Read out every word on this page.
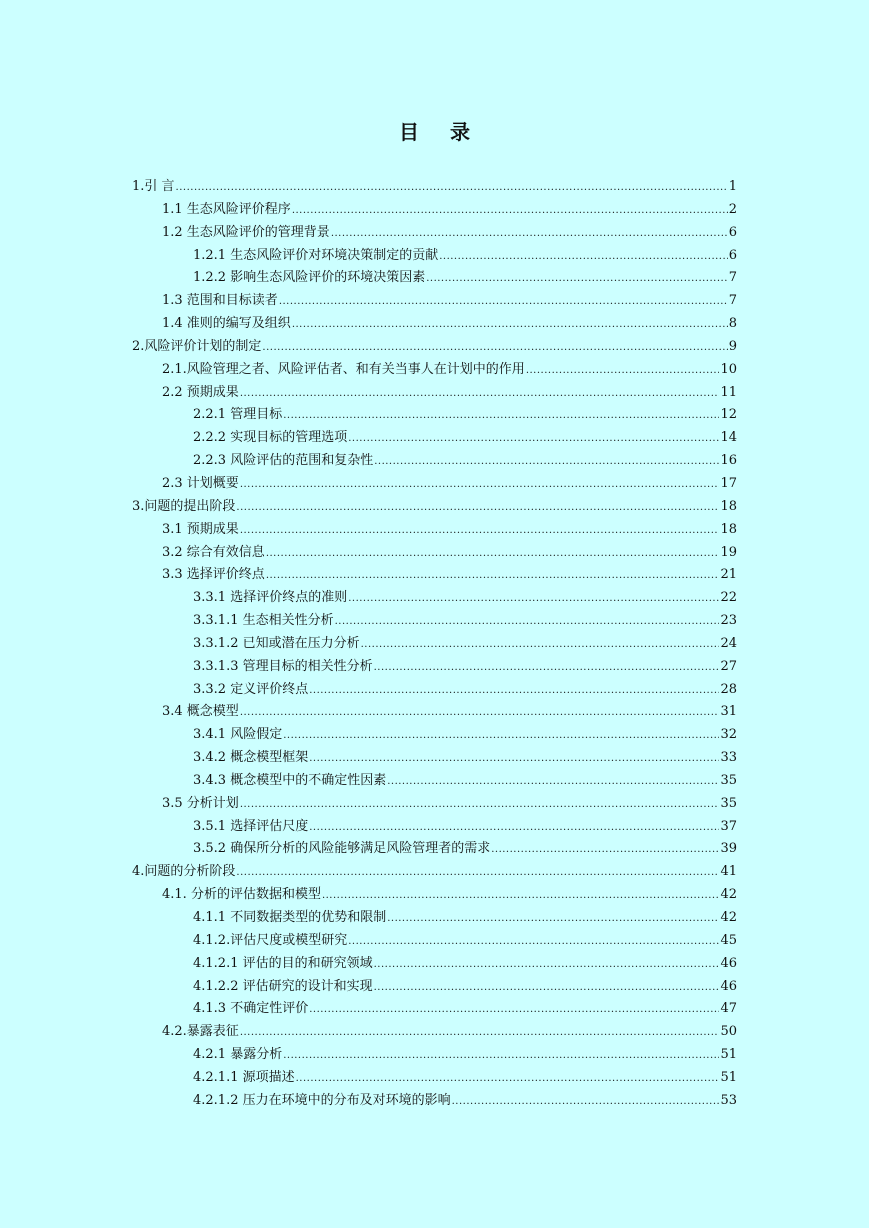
目 录
1.引 言 .....	1
1.1 生态风险评价程序 .....	2
1.2 生态风险评价的管理背景 .....	6
1.2.1 生态风险评价对环境决策制定的贡献 .....	6
1.2.2 影响生态风险评价的环境决策因素 .....	7
1.3 范围和目标读者 .....	7
1.4 准则的编写及组织 .....	8
2.风险评价计划的制定 .....	9
2.1.风险管理之者、风险评估者、和有关当事人在计划中的作用 .....	10
2.2 预期成果 .....	11
2.2.1 管理目标 .....	12
2.2.2 实现目标的管理选项 .....	14
2.2.3 风险评估的范围和复杂性 .....	16
2.3 计划概要 .....	17
3.问题的提出阶段 .....	18
3.1 预期成果 .....	18
3.2 综合有效信息 .....	19
3.3 选择评价终点 .....	21
3.3.1 选择评价终点的准则 .....	22
3.3.1.1 生态相关性分析 .....	23
3.3.1.2 已知或潜在压力分析 .....	24
3.3.1.3 管理目标的相关性分析 .....	27
3.3.2 定义评价终点 .....	28
3.4 概念模型 .....	31
3.4.1 风险假定 .....	32
3.4.2 概念模型框架 .....	33
3.4.3 概念模型中的不确定性因素 .....	35
3.5 分析计划 .....	35
3.5.1 选择评估尺度 .....	37
3.5.2 确保所分析的风险能够满足风险管理者的需求 .....	39
4.问题的分析阶段 .....	41
4.1. 分析的评估数据和模型 .....	42
4.1.1 不同数据类型的优势和限制 .....	42
4.1.2.评估尺度或模型研究 .....	45
4.1.2.1 评估的目的和研究领域 .....	46
4.1.2.2 评估研究的设计和实现 .....	46
4.1.3 不确定性评价 .....	47
4.2.暴露表征 .....	50
4.2.1 暴露分析 .....	51
4.2.1.1 源项描述 .....	51
4.2.1.2 压力在环境中的分布及对环境的影响 .....	53
